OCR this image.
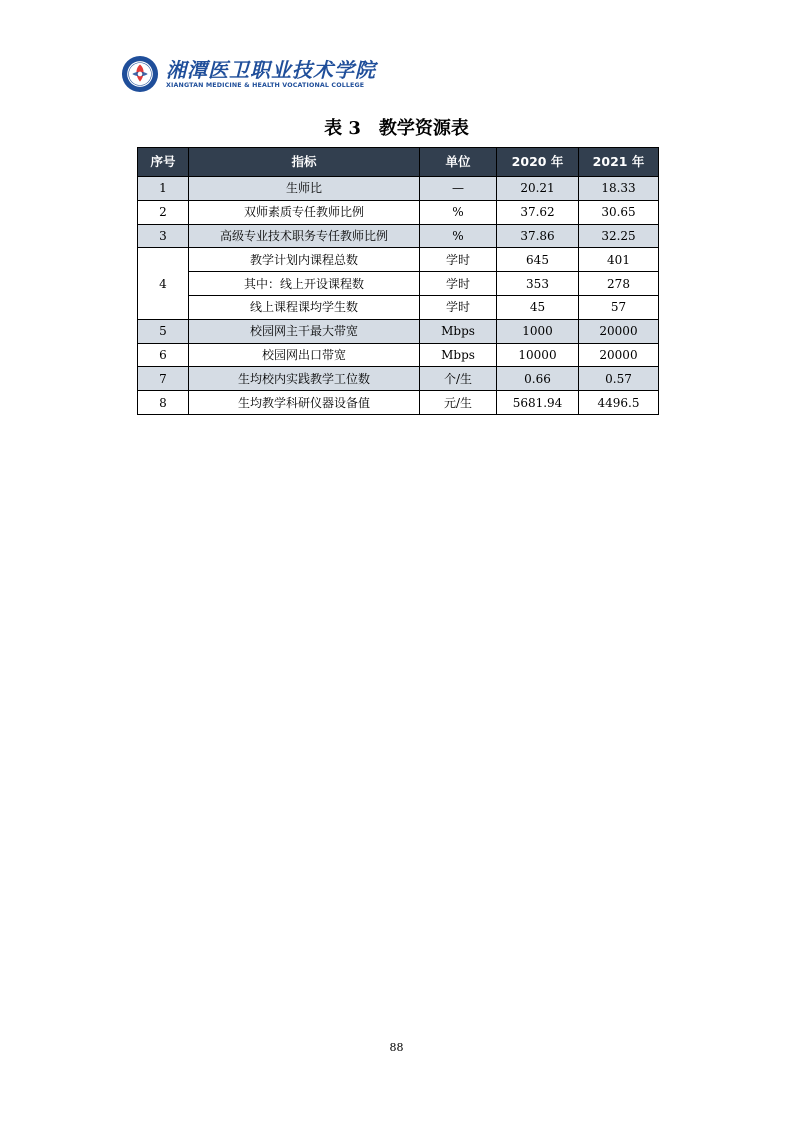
湘潭医卫职业技术学院
XIANGTAN MEDICINE & HEALTH VOCATIONAL COLLEGE
表 3　教学资源表
序号	指标	单位	2020 年	2021 年
1	生师比	—	20.21	18.33
2	双师素质专任教师比例	%	37.62	30.65
3	高级专业技术职务专任教师比例	%	37.86	32.25
4	教学计划内课程总数	学时	645	401
	其中：线上开设课程数	学时	353	278
	线上课程课均学生数	学时	45	57
5	校园网主干最大带宽	Mbps	1000	20000
6	校园网出口带宽	Mbps	10000	20000
7	生均校内实践教学工位数	个/生	0.66	0.57
8	生均教学科研仪器设备值	元/生	5681.94	4496.5
88
